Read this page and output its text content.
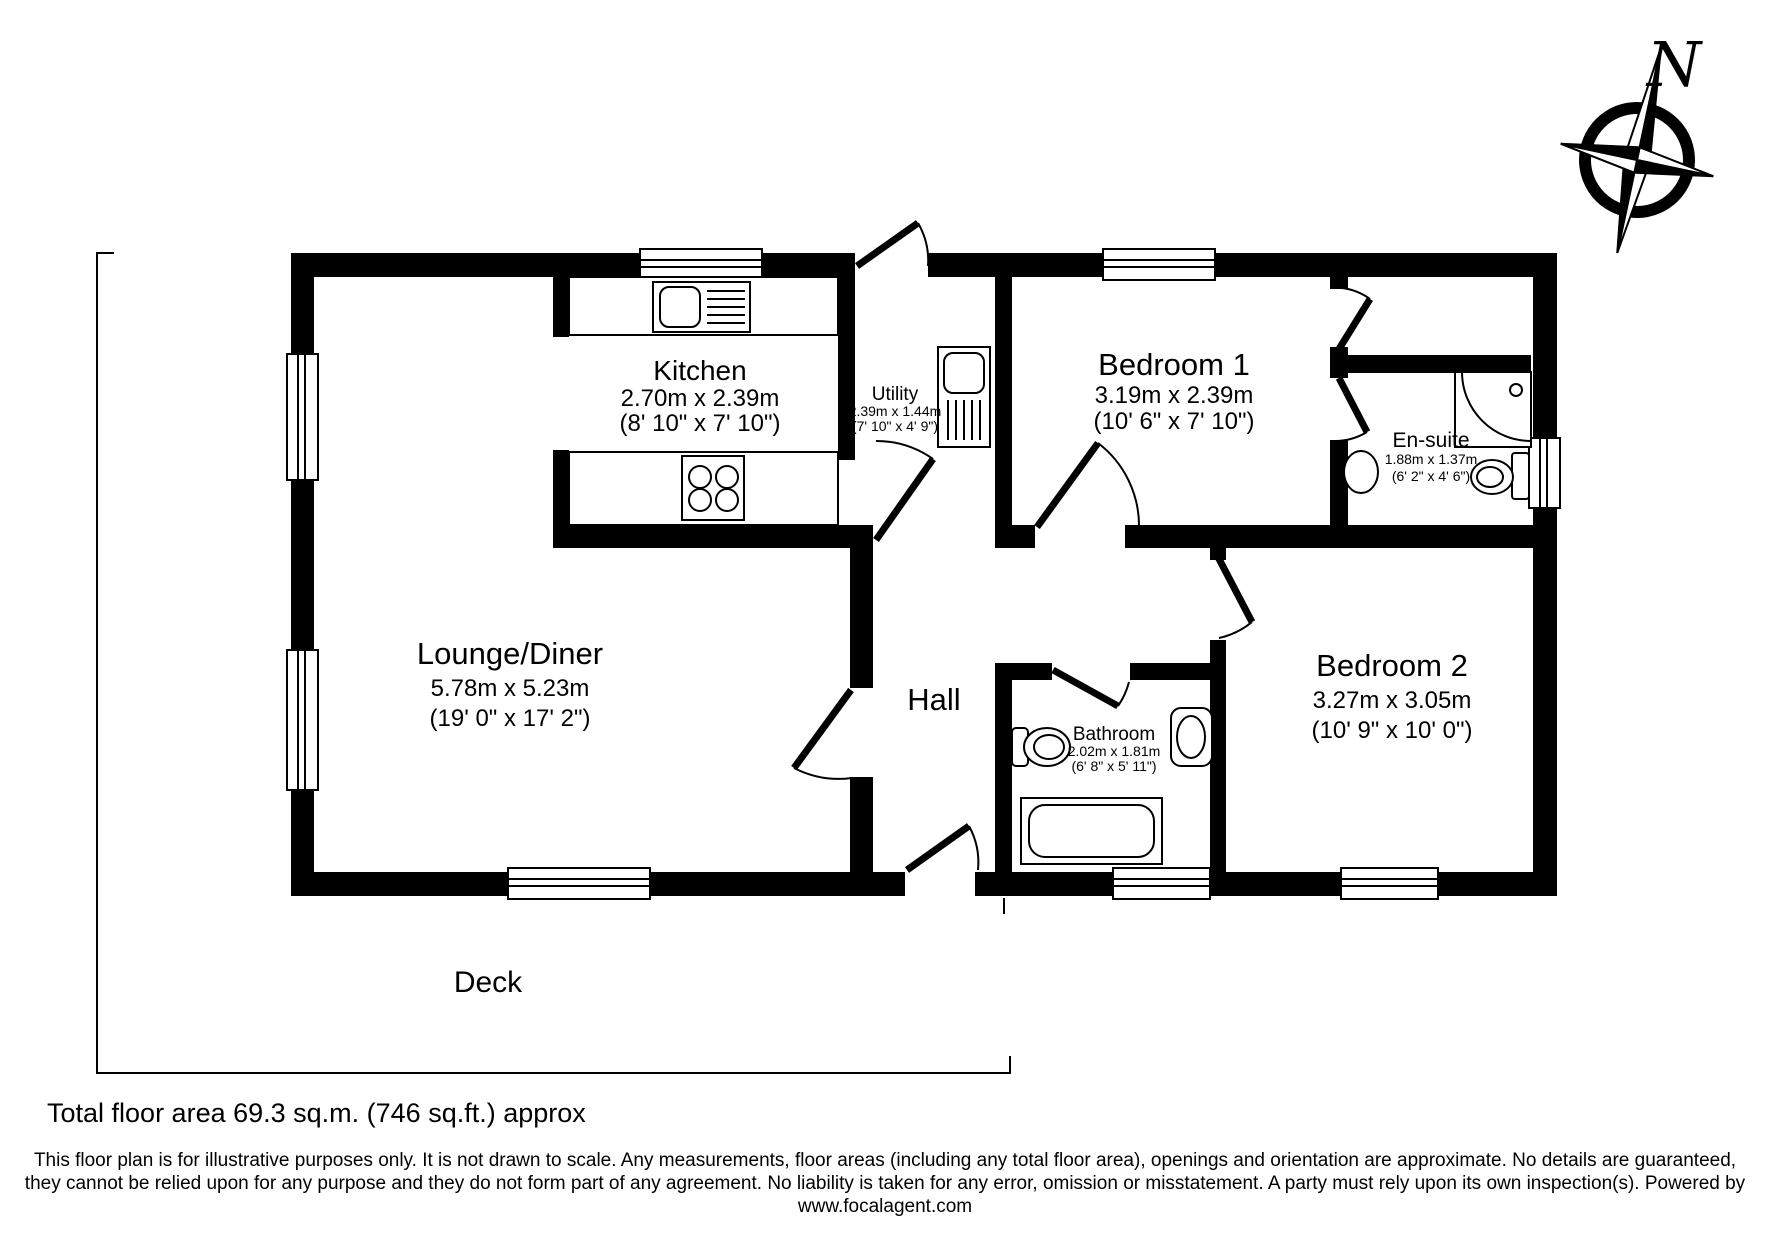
Kitchen
2.70m x 2.39m
(8' 10" x 7' 10")
Utility
2.39m x 1.44m
(7' 10" x 4' 9")
Bedroom 1
3.19m x 2.39m
(10' 6" x 7' 10")
En-suite
1.88m x 1.37m
(6' 2" x 4' 6")
Lounge/Diner
5.78m x 5.23m
(19' 0" x 17' 2")
Hall
Bathroom
2.02m x 1.81m
(6' 8" x 5' 11")
Bedroom 2
3.27m x 3.05m
(10' 9" x 10' 0")
Deck
N
Total floor area 69.3 sq.m. (746 sq.ft.) approx
This floor plan is for illustrative purposes only. It is not drawn to scale. Any measurements, floor areas (including any total floor area), openings and orientation are approximate. No details are guaranteed,
they cannot be relied upon for any purpose and they do not form part of any agreement. No liability is taken for any error, omission or misstatement. A party must rely upon its own inspection(s). Powered by
www.focalagent.com
